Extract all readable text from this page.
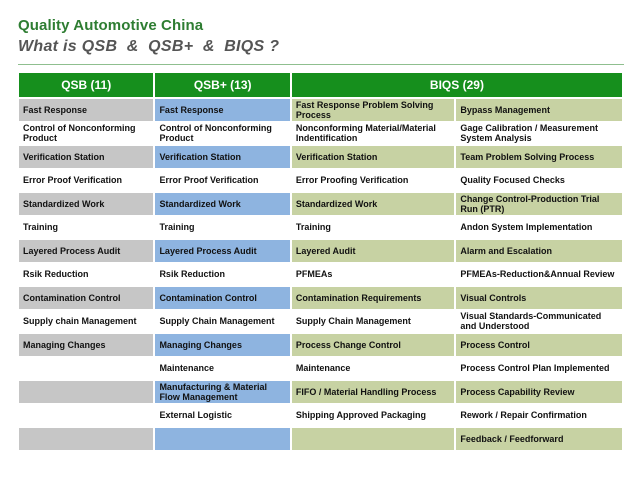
Quality Automotive China
What is QSB  &  QSB+  &  BIQS ?
QSB (11)	QSB+ (13)	BIQS (29)	
Fast Response	Fast Response	Fast Response Problem Solving Process	Bypass Management
Control of Nonconforming Product	Control of Nonconforming Product	Nonconforming Material/Material Indentification	Gage Calibration / Measurement System Analysis
Verification Station	Verification Station	Verification Station	Team Problem Solving Process
Error Proof Verification	Error Proof Verification	Error Proofing Verification	Quality Focused Checks
Standardized Work	Standardized Work	Standardized Work	Change Control-Production Trial Run (PTR)
Training	Training	Training	Andon System Implementation
Layered Process Audit	Layered Process Audit	Layered Audit	Alarm and Escalation
Rsik Reduction	Rsik Reduction	PFMEAs	PFMEAs-Reduction&Annual Review
Contamination Control	Contamination Control	Contamination Requirements	Visual Controls
Supply chain Management	Supply Chain Management	Supply Chain Management	Visual Standards-Communicated and Understood
Managing Changes	Managing Changes	Process Change Control	Process Control
	Maintenance	Maintenance	Process Control Plan Implemented
	Manufacturing & Material Flow Management	FIFO / Material Handling Process	Process Capability Review
	External Logistic	Shipping Approved Packaging	Rework / Repair Confirmation
			Feedback / Feedforward
